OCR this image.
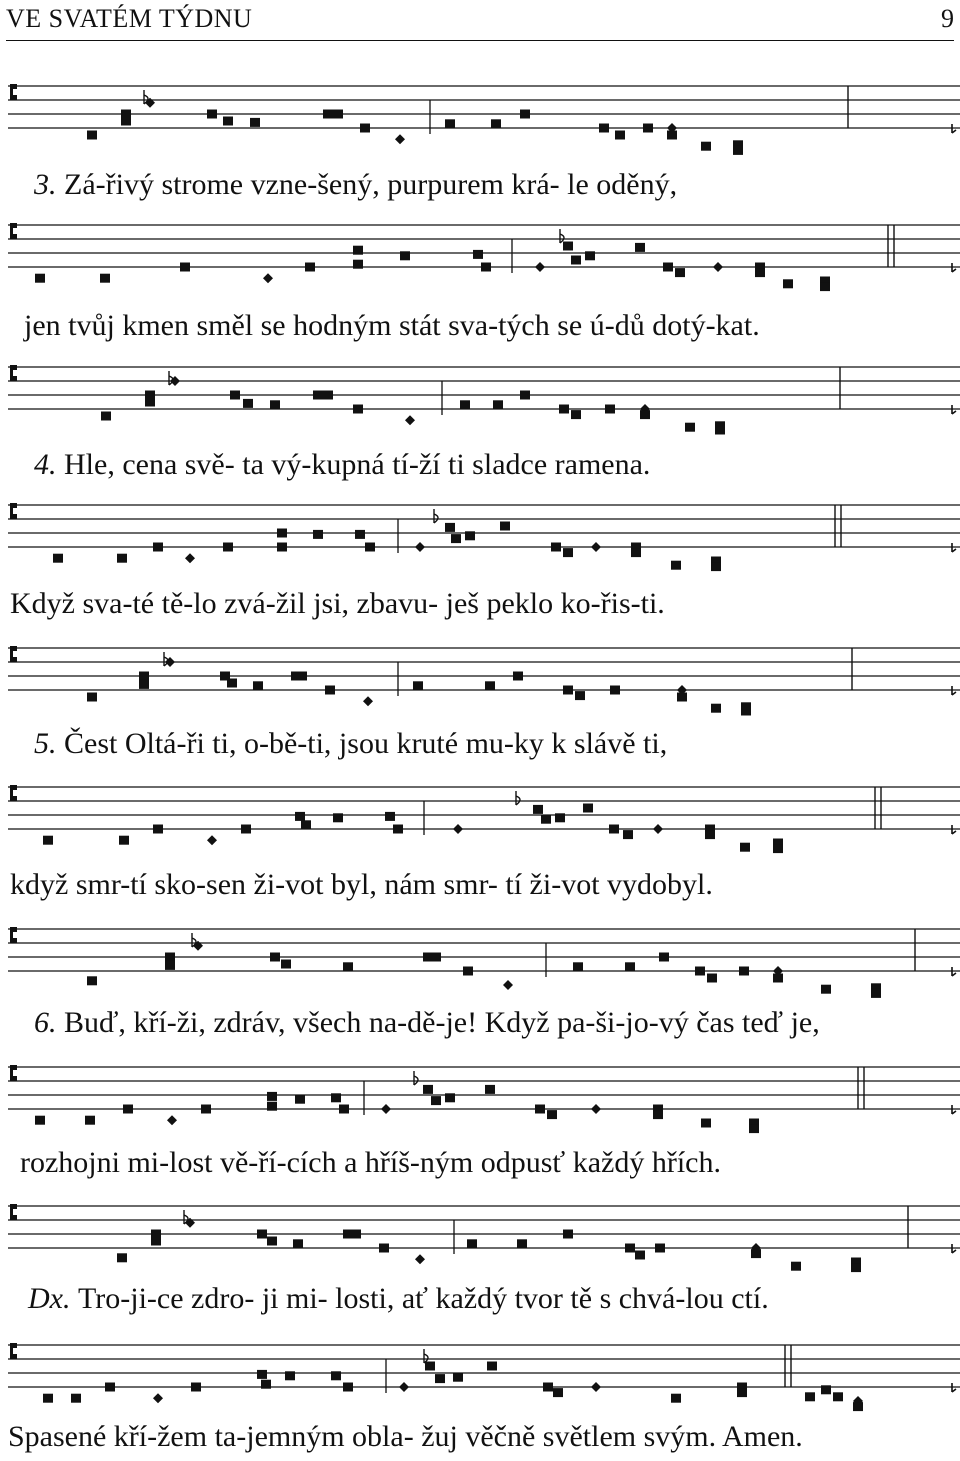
VE SVATÉM TÝDNU	9
3. Zá-řivý strome vzne-šený, purpurem krá- le oděný,
jen tvůj kmen směl se hodným stát sva-tých se ú-dů dotý-kat.
4. Hle, cena svě- ta vý-kupná tí-ží ti sladce ramena.
Když sva-té tě-lo zvá-žil jsi, zbavu- ješ peklo ko-řis-ti.
5. Čest Oltá-ři ti, o-bě-ti, jsou kruté mu-ky k slávě ti,
když smr-tí sko-sen ži-vot byl, nám smr- tí ži-vot vydobyl.
6. Buď, kří-ži, zdráv, všech na-dě-je! Když pa-ši-jo-vý čas teď je,
rozhojni mi-lost vě-ří-cích a hříš-ným odpusť každý hřích.
Dx. Tro-ji-ce zdro- ji mi- losti, ať každý tvor tě s chvá-lou ctí.
Spasené kří-žem ta-jemným obla- žuj věčně světlem svým. Amen.
